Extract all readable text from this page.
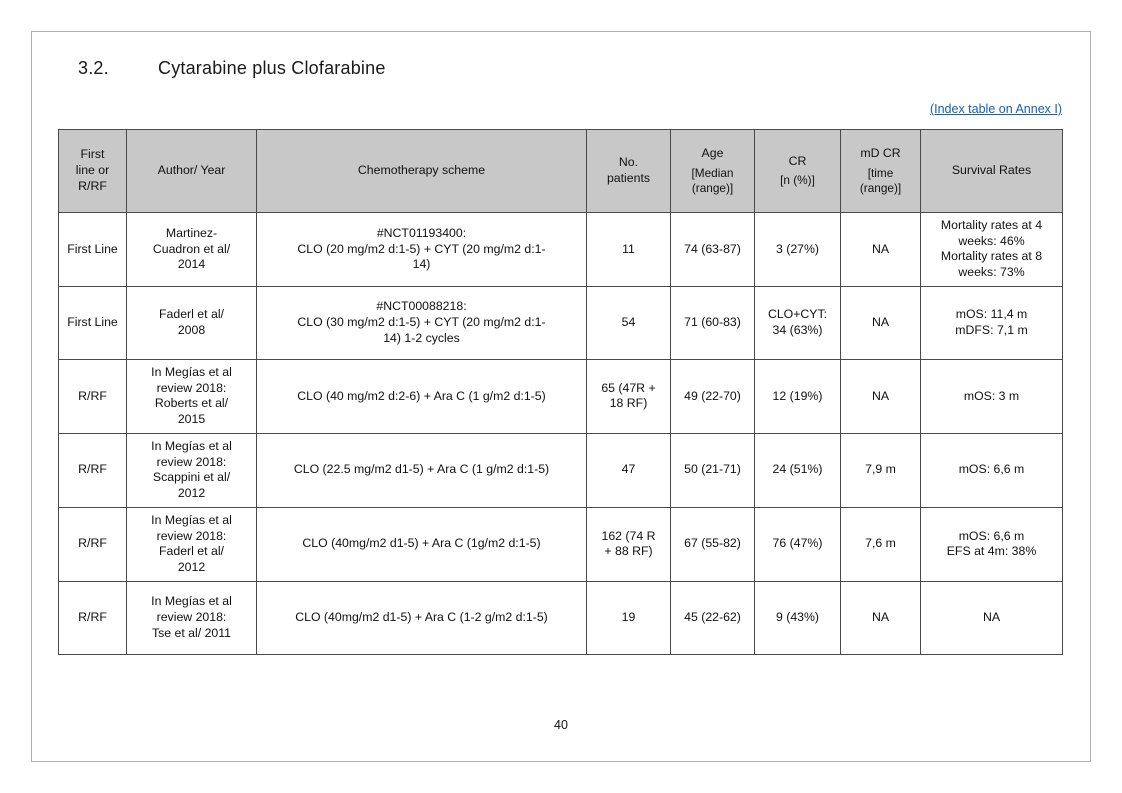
3.2.	Cytarabine plus Clofarabine
(Index table on Annex I)
First
line or
R/RF	Author/ Year	Chemotherapy scheme	No.
patients	Age
[Median
(range)]	CR
[n (%)]	mD CR
[time
(range)]	Survival Rates
First Line	Martinez-
Cuadron et al/
2014	#NCT01193400:
CLO (20 mg/m2 d:1-5) + CYT (20 mg/m2 d:1-
14)	11	74 (63-87)	3 (27%)	NA	Mortality rates at 4
weeks: 46%
Mortality rates at 8
weeks: 73%

First Line	Faderl et al/
2008	#NCT00088218:
CLO (30 mg/m2 d:1-5) + CYT (20 mg/m2 d:1-
14) 1-2 cycles	54	71 (60-83)	CLO+CYT:
34 (63%)	NA	mOS: 11,4 m
mDFS: 7,1 m

R/RF	In Megías et al
review 2018:
Roberts et al/
2015	CLO (40 mg/m2 d:2-6) + Ara C (1 g/m2 d:1-5)	65 (47R +
18 RF)	49 (22-70)	12 (19%)	NA	mOS: 3 m

R/RF	In Megías et al
review 2018:
Scappini et al/
2012	CLO (22.5 mg/m2 d1-5) + Ara C (1 g/m2 d:1-5)	47	50 (21-71)	24 (51%)	7,9 m	mOS: 6,6 m

R/RF	In Megías et al
review 2018:
Faderl et al/
2012	CLO (40mg/m2 d1-5) + Ara C (1g/m2 d:1-5)	162 (74 R
+ 88 RF)	67 (55-82)	76 (47%)	7,6 m	mOS: 6,6 m
EFS at 4m: 38%

R/RF	In Megías et al
review 2018:
Tse et al/ 2011	CLO (40mg/m2 d1-5) + Ara C (1-2 g/m2 d:1-5)	19	45 (22-62)	9 (43%)	NA	NA
40
